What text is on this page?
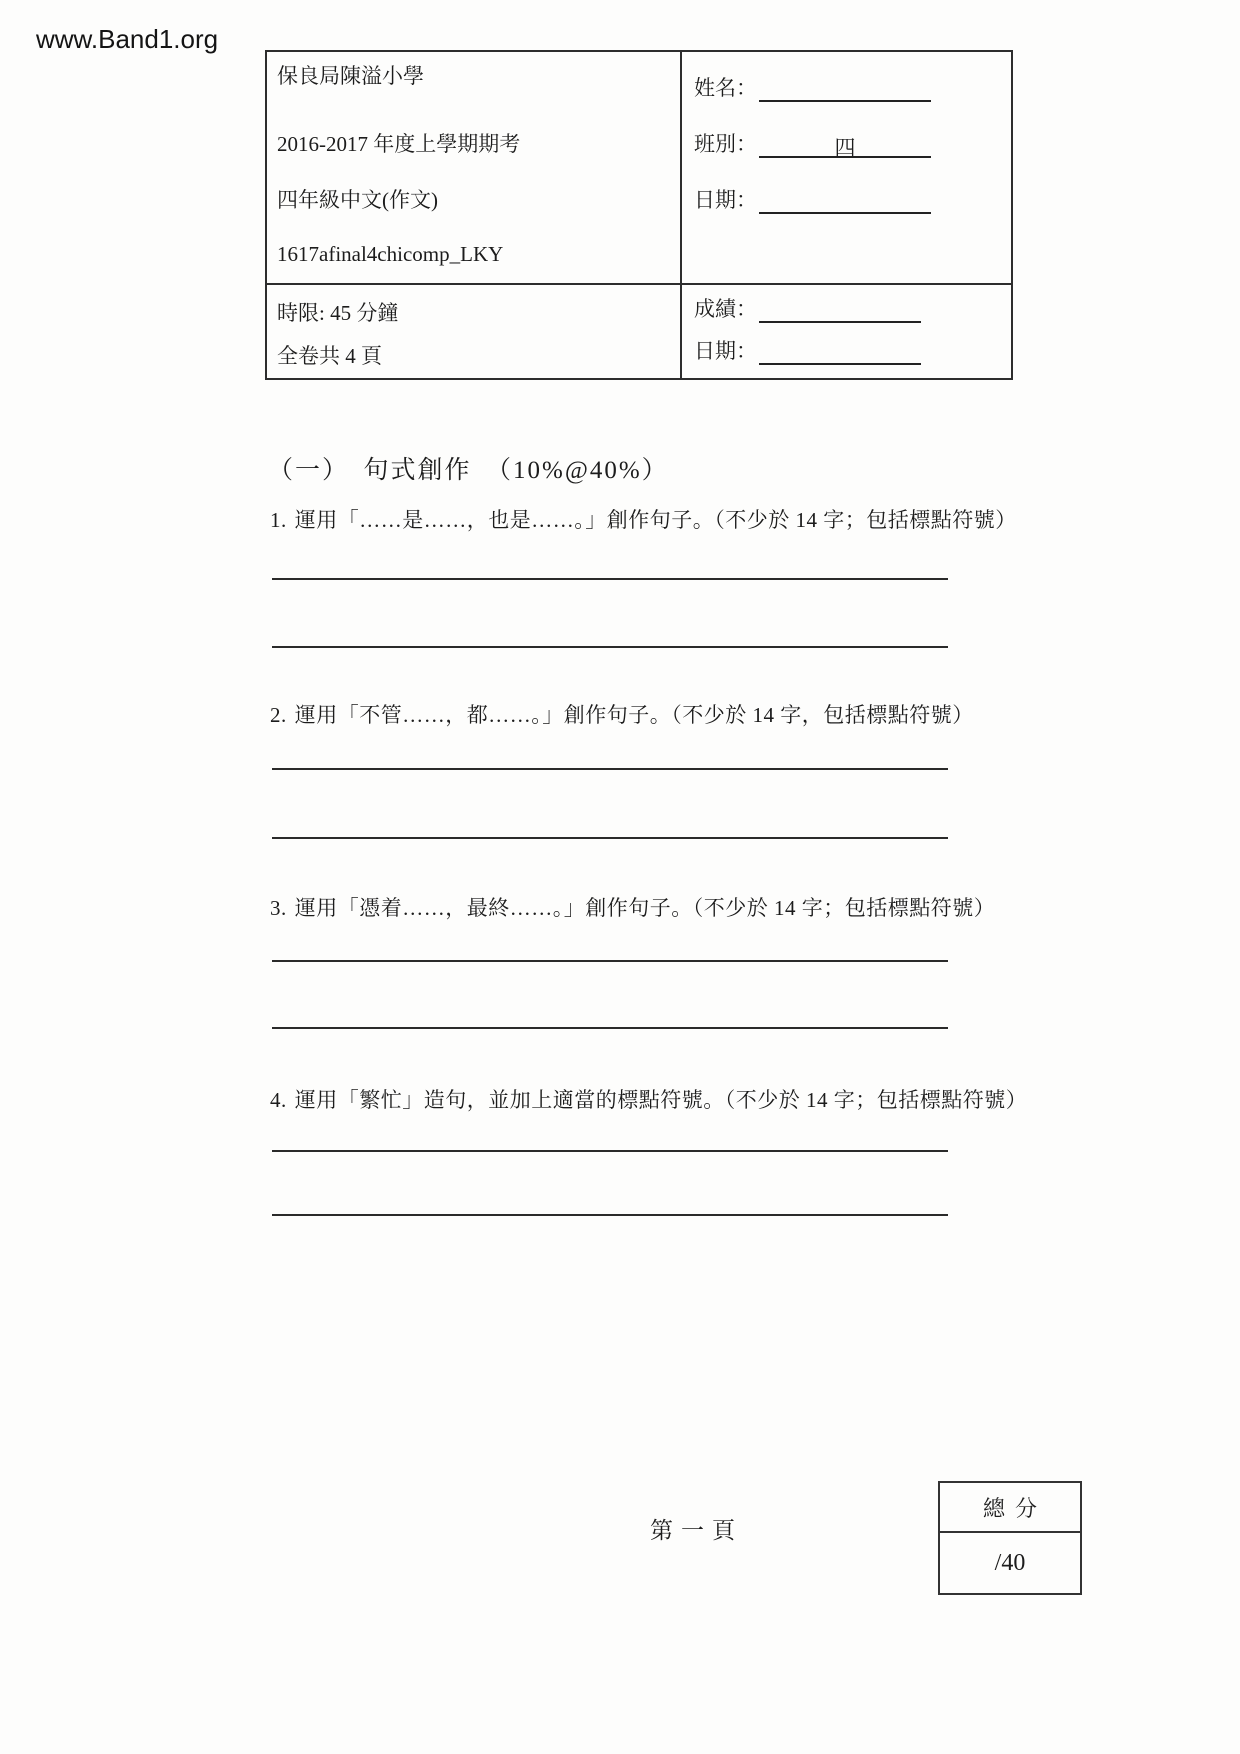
www.Band1.org
保良局陳溢小學
2016-2017 年度上學期期考
四年級中文(作文)
1617afinal4chicomp_LKY
姓名：
班別：	四
日期：
時限: 45 分鐘
全卷共 4 頁
成績：
日期：
（一）　句式創作　（10%@40%）
1. 運用「……是……，也是……。」創作句子。（不少於 14 字；包括標點符號）
2. 運用「不管……，都……。」創作句子。（不少於 14 字，包括標點符號）
3. 運用「憑着……，最終……。」創作句子。（不少於 14 字；包括標點符號）
4. 運用「繁忙」造句，並加上適當的標點符號。（不少於 14 字；包括標點符號）
第一頁
總分
/40
